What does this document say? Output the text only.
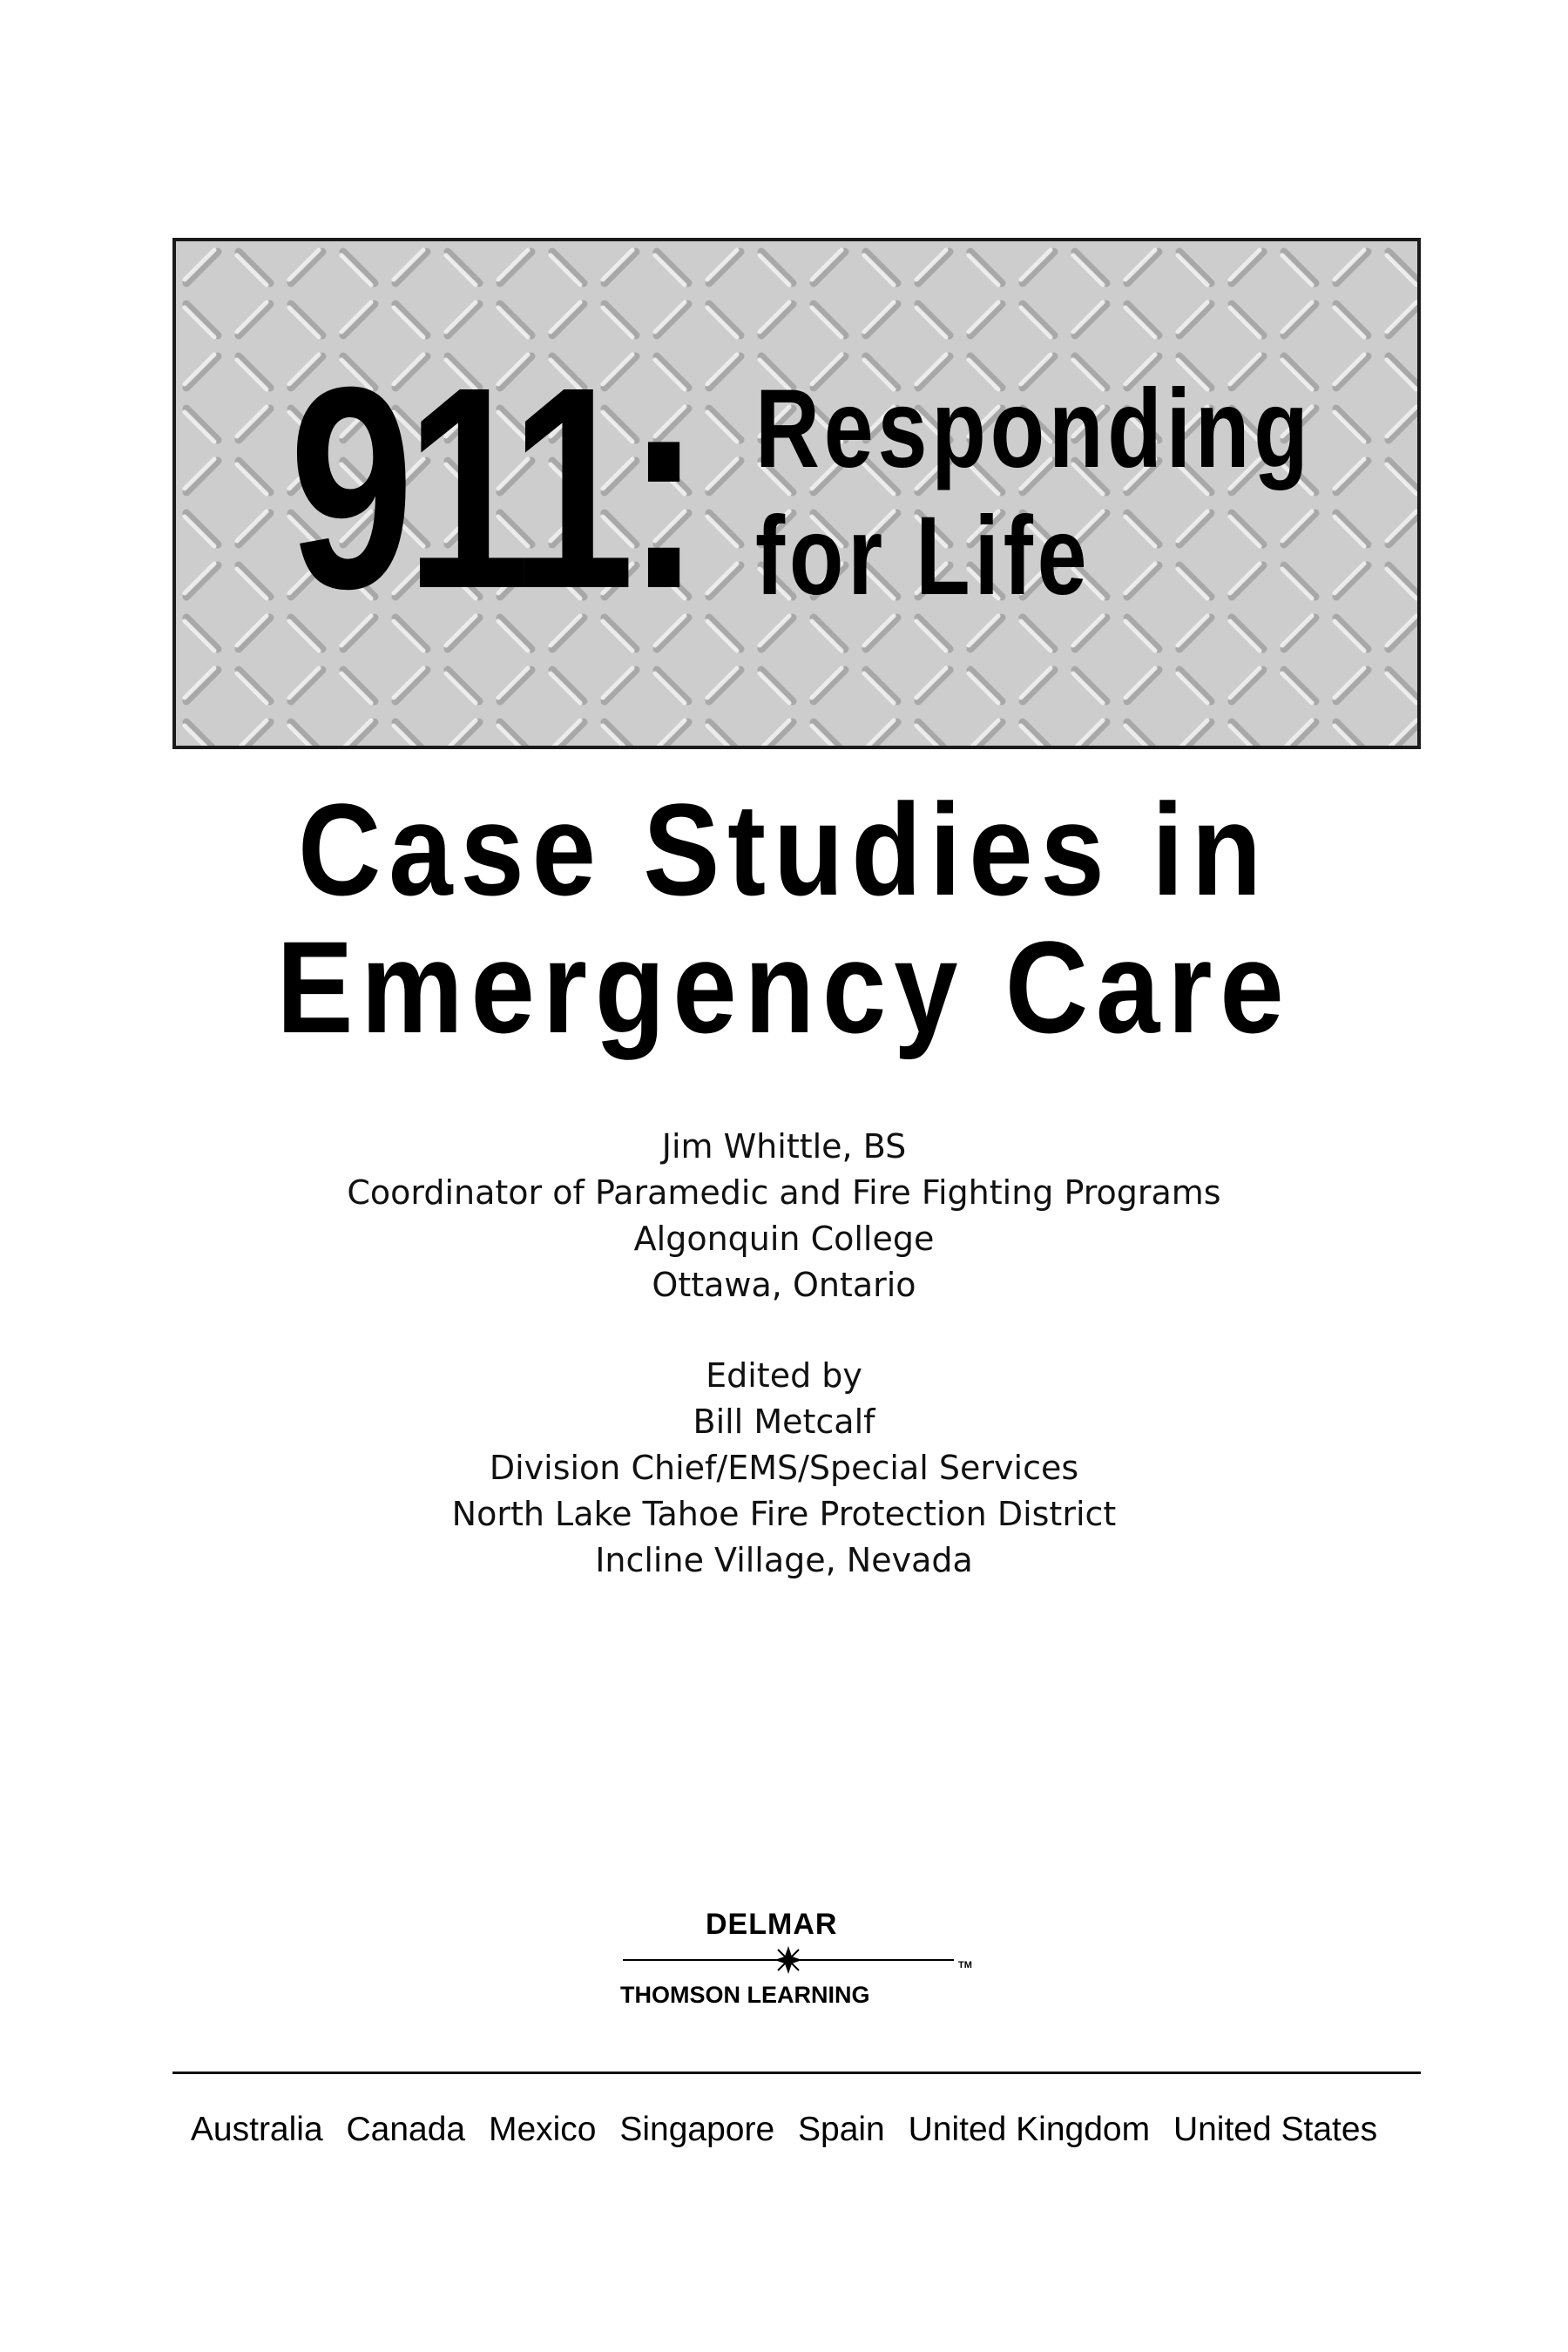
911: Responding
for Life
Case Studies in
Emergency Care
Jim Whittle, BS
Coordinator of Paramedic and Fire Fighting Programs
Algonquin College
Ottawa, Ontario
Edited by
Bill Metcalf
Division Chief/EMS/Special Services
North Lake Tahoe Fire Protection District
Incline Village, Nevada
DELMAR
TM
THOMSON LEARNING
Australia Canada Mexico Singapore Spain United Kingdom United States
